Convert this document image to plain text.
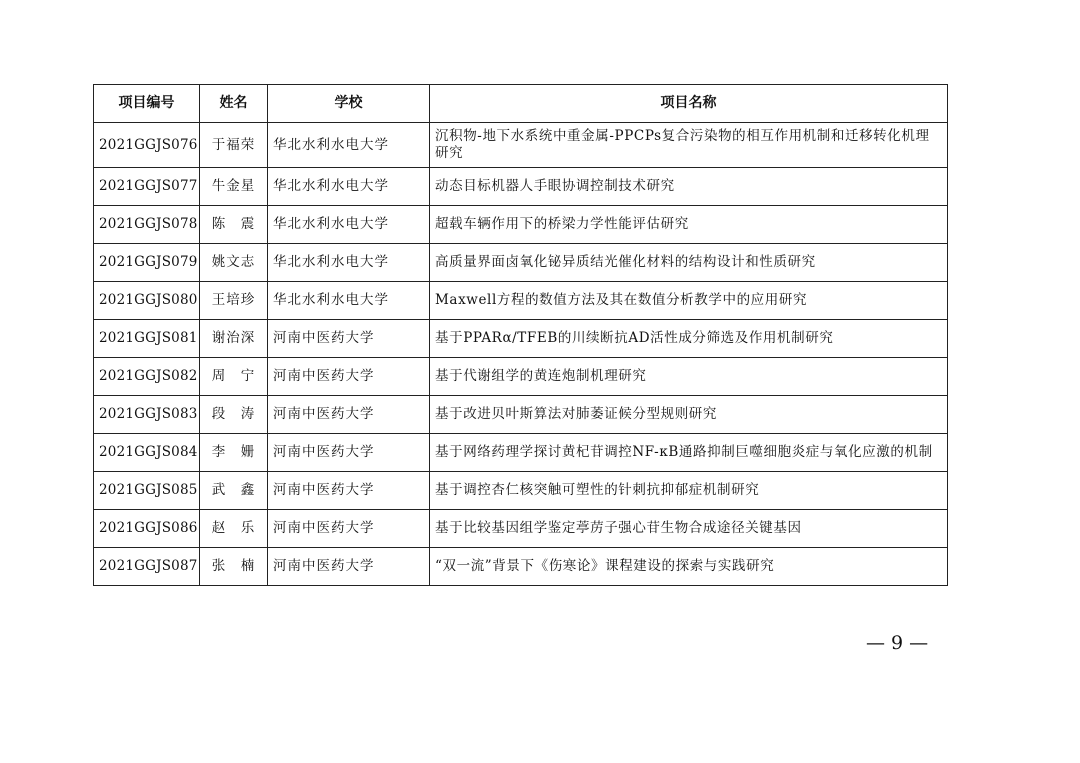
项目编号	姓名	学校	项目名称
2021GGJS076	于福荣	华北水利水电大学	沉积物-地下水系统中重金属-PPCPs复合污染物的相互作用机制和迁移转化机理研究
2021GGJS077	牛金星	华北水利水电大学	动态目标机器人手眼协调控制技术研究
2021GGJS078	陈　震	华北水利水电大学	超载车辆作用下的桥梁力学性能评估研究
2021GGJS079	姚文志	华北水利水电大学	高质量界面卤氧化铋异质结光催化材料的结构设计和性质研究
2021GGJS080	王培珍	华北水利水电大学	Maxwell方程的数值方法及其在数值分析教学中的应用研究
2021GGJS081	谢治深	河南中医药大学	基于PPARα/TFEB的川续断抗AD活性成分筛选及作用机制研究
2021GGJS082	周　宁	河南中医药大学	基于代谢组学的黄连炮制机理研究
2021GGJS083	段　涛	河南中医药大学	基于改进贝叶斯算法对肺萎证候分型规则研究
2021GGJS084	李　姗	河南中医药大学	基于网络药理学探讨黄杞苷调控NF-κB通路抑制巨噬细胞炎症与氧化应激的机制
2021GGJS085	武　鑫	河南中医药大学	基于调控杏仁核突触可塑性的针刺抗抑郁症机制研究
2021GGJS086	赵　乐	河南中医药大学	基于比较基因组学鉴定葶苈子强心苷生物合成途径关键基因
2021GGJS087	张　楠	河南中医药大学	“双一流”背景下《伤寒论》课程建设的探索与实践研究
— 9 —
